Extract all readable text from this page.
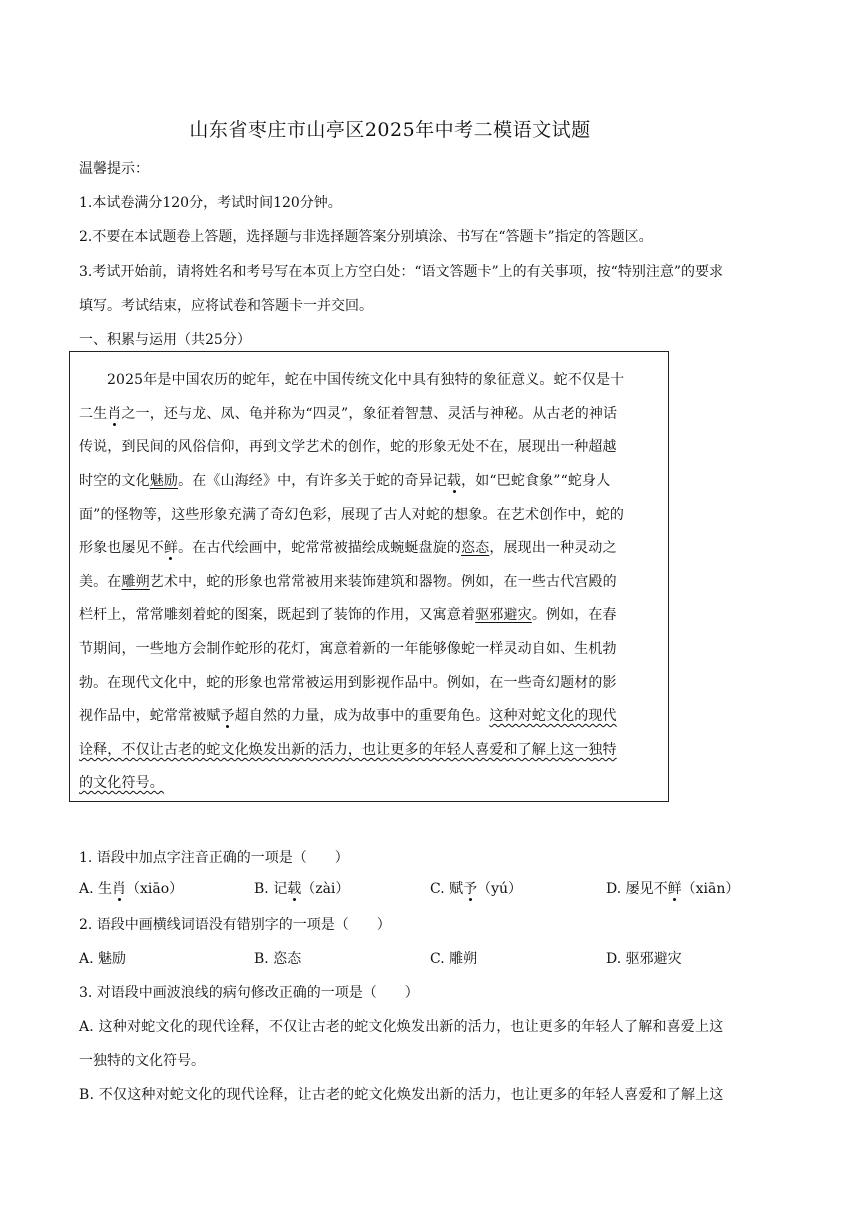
山东省枣庄市山亭区2025年中考二模语文试题
温馨提示：
1.本试卷满分120分，考试时间120分钟。
2.不要在本试题卷上答题，选择题与非选择题答案分别填涂、书写在“答题卡”指定的答题区。
3.考试开始前，请将姓名和考号写在本页上方空白处：“语文答题卡”上的有关事项，按“特别注意”的要求
填写。考试结束，应将试卷和答题卡一并交回。
一、积累与运用（共25分）
2025年是中国农历的蛇年，蛇在中国传统文化中具有独特的象征意义。蛇不仅是十
二生肖之一，还与龙、凤、龟并称为“四灵”，象征着智慧、灵活与神秘。从古老的神话
传说，到民间的风俗信仰，再到文学艺术的创作，蛇的形象无处不在，展现出一种超越
时空的文化魅励。在《山海经》中，有许多关于蛇的奇异记载，如“巴蛇食象”“蛇身人
面”的怪物等，这些形象充满了奇幻色彩，展现了古人对蛇的想象。在艺术创作中，蛇的
形象也屡见不鲜。在古代绘画中，蛇常常被描绘成蜿蜒盘旋的恣态，展现出一种灵动之
美。在雕朔艺术中，蛇的形象也常常被用来装饰建筑和器物。例如，在一些古代宫殿的
栏杆上，常常雕刻着蛇的图案，既起到了装饰的作用，又寓意着驱邪避灾。例如，在春
节期间，一些地方会制作蛇形的花灯，寓意着新的一年能够像蛇一样灵动自如、生机勃
勃。在现代文化中，蛇的形象也常常被运用到影视作品中。例如，在一些奇幻题材的影
视作品中，蛇常常被赋予超自然的力量，成为故事中的重要角色。这种对蛇文化的现代
诠释，不仅让古老的蛇文化焕发出新的活力，也让更多的年轻人喜爱和了解上这一独特
的文化符号。
1. 语段中加点字注音正确的一项是（　　）
A. 生肖（xiāo）	B. 记载（zài）	C. 赋予（yú）	D. 屡见不鲜（xiān）
2. 语段中画横线词语没有错别字的一项是（　　）
A. 魅励	B. 恣态	C. 雕朔	D. 驱邪避灾
3. 对语段中画波浪线的病句修改正确的一项是（　　）
A. 这种对蛇文化的现代诠释，不仅让古老的蛇文化焕发出新的活力，也让更多的年轻人了解和喜爱上这
一独特的文化符号。
B. 不仅这种对蛇文化的现代诠释，让古老的蛇文化焕发出新的活力，也让更多的年轻人喜爱和了解上这
